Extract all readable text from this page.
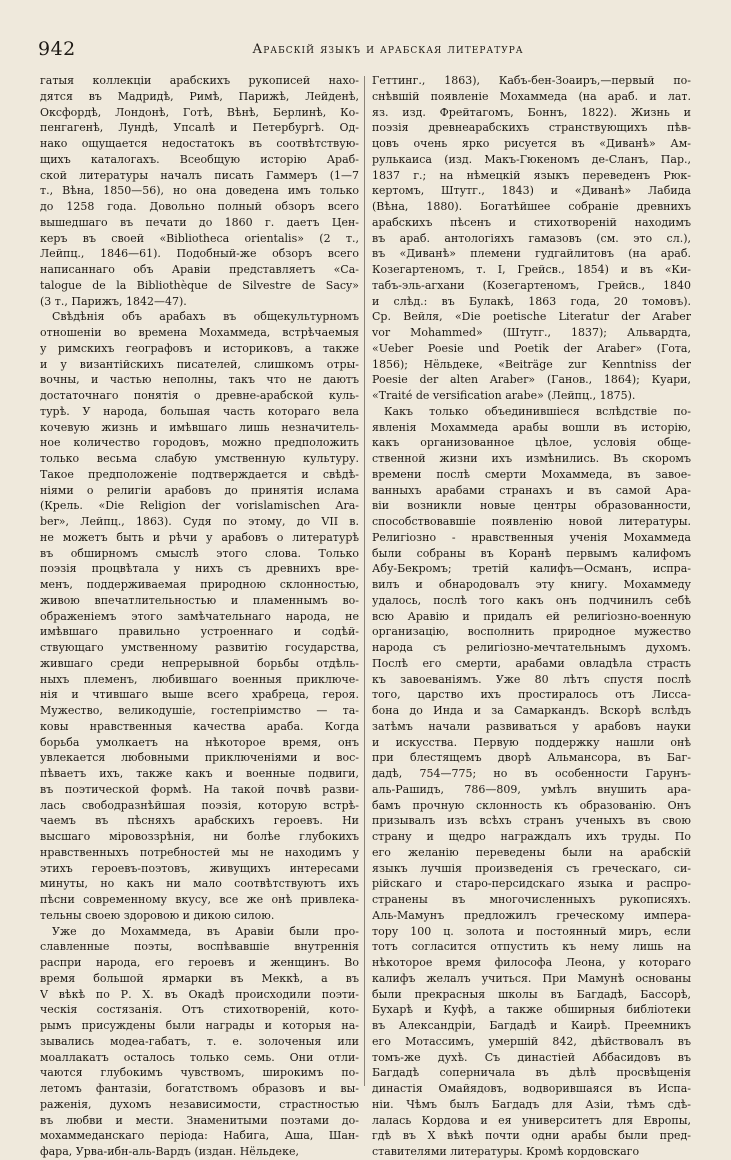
942	Арабскій языкъ и арабская литература
гатыя коллекціи арабскихъ рукописей нахо-
дятся въ Мадридѣ, Римѣ, Парижѣ, Лейденѣ,
Оксфордѣ, Лондонѣ, Готѣ, Вѣнѣ, Берлинѣ, Ко-
пенгагенѣ, Лундѣ, Упсалѣ и Петербургѣ. Од-
нако ощущается недостатокъ въ соотвѣтствую-
щихъ каталогахъ. Всеобщую исторію Араб-
ской литературы началъ писать Гаммеръ (1—7
т., Вѣна, 1850—56), но она доведена имъ только
до 1258 года. Довольно полный обзоръ всего
вышедшаго въ печати до 1860 г. даетъ Цен-
керъ въ своей «Bibliotheca orientalis» (2 т.,
Лейпц., 1846—61). Подобный-же обзоръ всего
написаннаго объ Аравіи представляетъ «Ca-
talogue de la Bibliothèque de Silvestre de Sacy»
(3 т., Парижъ, 1842—47).
Свѣдѣнія объ арабахъ въ общекультурномъ
отношеніи во времена Мохаммеда, встрѣчаемыя
у римскихъ географовъ и историковъ, а также
и у византійскихъ писателей, слишкомъ отры-
вочны, и частью неполны, такъ что не даютъ
достаточнаго понятія о древне-арабской куль-
турѣ. У народа, большая часть котораго вела
кочевую жизнь и имѣвшаго лишь незначитель-
ное количество городовъ, можно предположить
только весьма слабую умственную культуру.
Такое предположеніе подтверждается и свѣдѣ-
ніями о религіи арабовъ до принятія ислама
(Крель. «Die Religion der vorislamischen Ara-
ber», Лейпц., 1863). Судя по этому, до VII в.
не можетъ быть и рѣчи у арабовъ о литературѣ
въ обширномъ смыслѣ этого слова. Только
поэзія процвѣтала у нихъ съ древнихъ вре-
менъ, поддерживаемая природною склонностью,
живою впечатлительностью и пламеннымъ во-
ображеніемъ этого замѣчательнаго народа, не
имѣвшаго правильно устроеннаго и содѣй-
ствующаго умственному развитію государства,
жившаго среди непрерывной борьбы отдѣль-
ныхъ племенъ, любившаго военныя приключе-
нія и чтившаго выше всего храбреца, героя.
Мужество, великодушіе, гостепріимство — та-
ковы нравственныя качества араба. Когда
борьба умолкаетъ на нѣкоторое время, онъ
увлекается любовными приключеніями и вос-
пѣваетъ ихъ, также какъ и военные подвиги,
въ поэтической формѣ. На такой почвѣ разви-
лась свободразнѣйшая поэзія, которую встрѣ-
чаемъ въ пѣсняхъ арабскихъ героевъ. Ни
высшаго міровоззрѣнія, ни болѣе глубокихъ
нравственныхъ потребностей мы не находимъ у
этихъ героевъ-поэтовъ, живущихъ интересами
минуты, но какъ ни мало соотвѣтствуютъ ихъ
пѣсни современному вкусу, все же онѣ привлека-
тельны своею здоровою и дикою силою.
Уже до Мохаммеда, въ Аравіи были про-
славленные поэты, воспѣвавшіе внутреннія
распри народа, его героевъ и женщинъ. Во
время большой ярмарки въ Меккѣ, а въ
V вѣкѣ по Р. Х. въ Окадѣ происходили поэти-
ческія состязанія. Отъ стихотвореній, кото-
рымъ присуждены были награды и которыя на-
зывались модеа-габатъ, т. е. золоченыя или
моаллакатъ осталось только семь. Они отли-
чаются глубокимъ чувствомъ, широкимъ по-
летомъ фантазіи, богатствомъ образовъ и вы-
раженія, духомъ независимости, страстностью
въ любви и мести. Знаменитыми поэтами до-
мохаммеданскаго періода: Набига, Аша, Шан-
фара, Урва-ибн-аль-Вардъ (издан. Нёльдеке,
Геттинг., 1863), Кабъ-бен-Зоаиръ,—первый по-
снѣвшій появленіе Мохаммеда (на араб. и лат.
яз. изд. Фрейтагомъ, Боннъ, 1822). Жизнь и
поэзія древнеарабскихъ странствующихъ пѣв-
цовъ очень ярко рисуется въ «Диванѣ» Ам-
рулькаиса (изд. Макъ-Гюкеномъ де-Сланъ, Пар.,
1837 г.; на нѣмецкій языкъ переведенъ Рюк-
кертомъ, Штутг., 1843) и «Диванѣ» Лабида
(Вѣна, 1880). Богатѣйшее собраніе древнихъ
арабскихъ пѣсенъ и стихотвореній находимъ
въ араб. антологіяхъ гамазовъ (см. это сл.),
въ «Диванѣ» племени гудгайлитовъ (на араб.
Козегартеномъ, т. I, Грейсв., 1854) и въ «Ки-
табъ-эль-агхани (Козегартеномъ, Грейсв., 1840
и слѣд.: въ Булакѣ, 1863 года, 20 томовъ).
Ср. Вейля, «Die poetische Literatur der Araber
vor Mohammed» (Штутг., 1837); Альвардта,
«Ueber Poesie und Poetik der Araber» (Гота,
1856); Нёльдеке, «Beiträge zur Kenntniss der
Poesie der alten Araber» (Ганов., 1864); Куари,
«Traité de versification arabe» (Лейпц., 1875).
Какъ только объединившіеся вслѣдствіе по-
явленія Мохаммеда арабы вошли въ исторію,
какъ организованное цѣлое, условія обще-
ственной жизни ихъ измѣнились. Въ скоромъ
времени послѣ смерти Мохаммеда, въ завое-
ванныхъ арабами странахъ и въ самой Ара-
віи возникли новые центры образованности,
способствовавшіе появленію новой литературы.
Религіозно - нравственныя ученія Мохаммеда
были собраны въ Коранѣ первымъ калифомъ
Абу-Бекромъ; третій калифъ—Османъ, испра-
вилъ и обнародовалъ эту книгу. Мохаммеду
удалось, послѣ того какъ онъ подчинилъ себѣ
всю Аравію и придалъ ей религіозно-военную
организацію, восполнить природное мужество
народа съ религіозно-мечтательнымъ духомъ.
Послѣ его смерти, арабами овладѣла страсть
къ завоеваніямъ. Уже 80 лѣтъ спустя послѣ
того, царство ихъ простиралось отъ Лисса-
бона до Инда и за Самаркандъ. Вскорѣ вслѣдъ
затѣмъ начали развиваться у арабовъ науки
и искусства. Первую поддержку нашли онѣ
при блестящемъ дворѣ Альмансора, въ Баг-
дадѣ, 754—775; но въ особенности Гарунъ-
аль-Рашидъ, 786—809, умѣлъ внушить ара-
бамъ прочную склонность къ образованію. Онъ
призывалъ изъ всѣхъ странъ ученыхъ въ свою
страну и щедро награждалъ ихъ труды. По
его желанію переведены были на арабскій
языкъ лучшія произведенія съ греческаго, си-
рійскаго и старо-персидскаго языка и распро-
странены въ многочисленныхъ рукописяхъ.
Аль-Мамунъ предложилъ греческому импера-
тору 100 ц. золота и постоянный миръ, если
тотъ согласится отпустить къ нему лишь на
нѣкоторое время философа Леона, у котораго
калифъ желалъ учиться. При Мамунѣ основаны
были прекрасныя школы въ Багдадѣ, Бассорѣ,
Бухарѣ и Куфѣ, а также обширныя библіотеки
въ Александріи, Багдадѣ и Каирѣ. Преемникъ
его Мотассимъ, умершій 842, дѣйствовалъ въ
томъ-же духѣ. Съ династіей Аббасидовъ въ
Багдадѣ соперничала въ дѣлѣ просвѣщенія
династія Омайядовъ, водворившаяся въ Испа-
ніи. Чѣмъ былъ Багдадъ для Азіи, тѣмъ сдѣ-
лалась Кордова и ея университетъ для Европы,
гдѣ въ X вѣкѣ почти одни арабы были пред-
ставителями литературы. Кромѣ кордовскаго
